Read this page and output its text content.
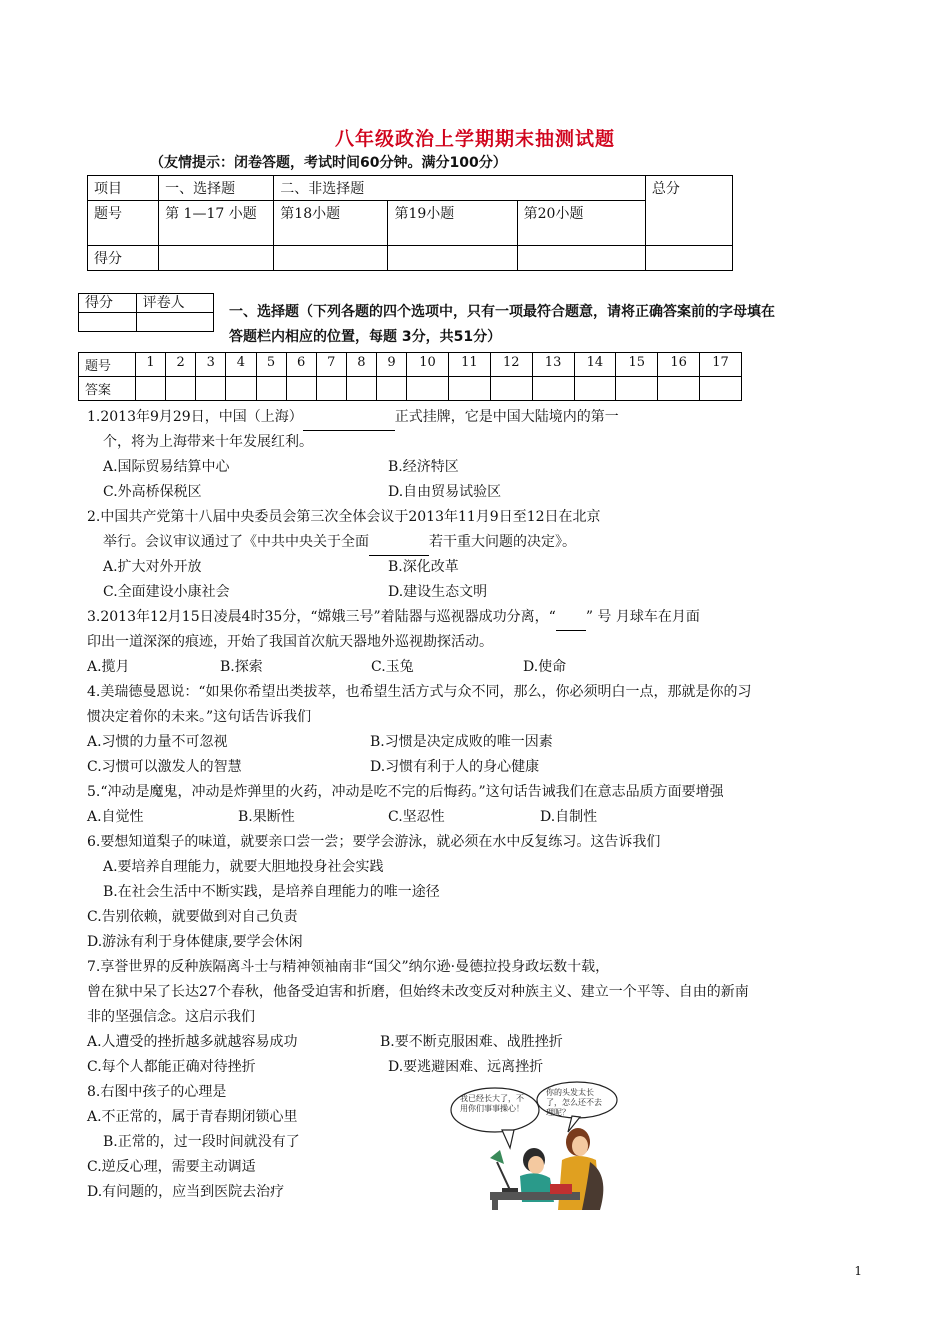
八年级政治上学期期末抽测试题
（友情提示：闭卷答题，考试时间60分钟。满分100分）
项目	一、选择题	二、非选择题			总分
题号	第 1—17 小题	第18小题	第19小题	第20小题	
得分					
得分	评卷人

一、选择题（下列各题的四个选项中，只有一项最符合题意，请将正确答案前的字母填在
答题栏内相应的位置，每题 3分，共51分）
题号	1	2	3	4	5	6	7	8	9	10	11	12	13	14	15	16	17
答案																	
1.2013年9月29日，中国（上海）	正式挂牌，它是中国大陆境内的第一
个，将为上海带来十年发展红利。
A.国际贸易结算中心	B.经济特区
C.外高桥保税区	D.自由贸易试验区
2.中国共产党第十八届中央委员会第三次全体会议于2013年11月9日至12日在北京
举行。会议审议通过了《中共中央关于全面	若干重大问题的决定》。
A.扩大对外开放	B.深化改革
C.全面建设小康社会	D.建设生态文明
3.2013年12月15日凌晨4时35分，“嫦娥三号”着陆器与巡视器成功分离，“ ” 号 月球车在月面
印出一道深深的痕迹，开始了我国首次航天器地外巡视勘探活动。
A.揽月	B.探索	C.玉兔	D.使命
4.美瑞德曼恩说：“如果你希望出类拔萃，也希望生活方式与众不同，那么，你必须明白一点，那就是你的习
惯决定着你的未来。”这句话告诉我们
A.习惯的力量不可忽视	B.习惯是决定成败的唯一因素
C.习惯可以激发人的智慧	D.习惯有利于人的身心健康
5.“冲动是魔鬼，冲动是炸弹里的火药，冲动是吃不完的后悔药。”这句话告诫我们在意志品质方面要增强
A.自觉性	B.果断性	C.坚忍性	D.自制性
6.要想知道梨子的味道，就要亲口尝一尝；要学会游泳，就必须在水中反复练习。这告诉我们
A.要培养自理能力，就要大胆地投身社会实践
B.在社会生活中不断实践，是培养自理能力的唯一途径
C.告别依赖，就要做到对自己负责
D.游泳有利于身体健康,要学会休闲
7.享誉世界的反种族隔离斗士与精神领袖南非“国父”纳尔逊·曼德拉投身政坛数十载，
曾在狱中呆了长达27个春秋，他备受迫害和折磨，但始终未改变反对种族主义、建立一个平等、自由的新南
非的坚强信念。这启示我们
A.人遭受的挫折越多就越容易成功	B.要不断克服困难、战胜挫折
C.每个人都能正确对待挫折	D.要逃避困难、远离挫折
8.右图中孩子的心理是
A.不正常的，属于青春期闭锁心里
B.正常的，过一段时间就没有了
C.逆反心理，需要主动调适
D.有问题的，应当到医院去治疗
我已经长大了，不用你们事事操心！
你的头发太长了，怎么还不去理呢？
1
